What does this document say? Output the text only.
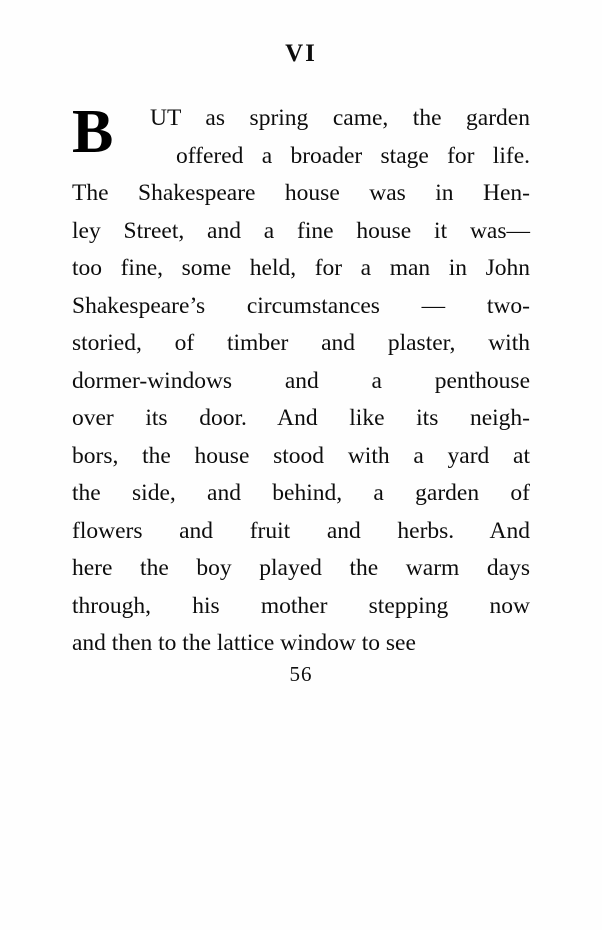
VI

B	UT as spring came, the garden
offered a broader stage for life.
The Shakespeare house was in Hen-
ley Street, and a fine house it was—
too fine, some held, for a man in John
Shakespeare’s circumstances — two-
storied, of timber and plaster, with
dormer-windows and a penthouse
over its door. And like its neigh-
bors, the house stood with a yard at
the side, and behind, a garden of
flowers and fruit and herbs. And
here the boy played the warm days
through, his mother stepping now
and then to the lattice window to see

56
